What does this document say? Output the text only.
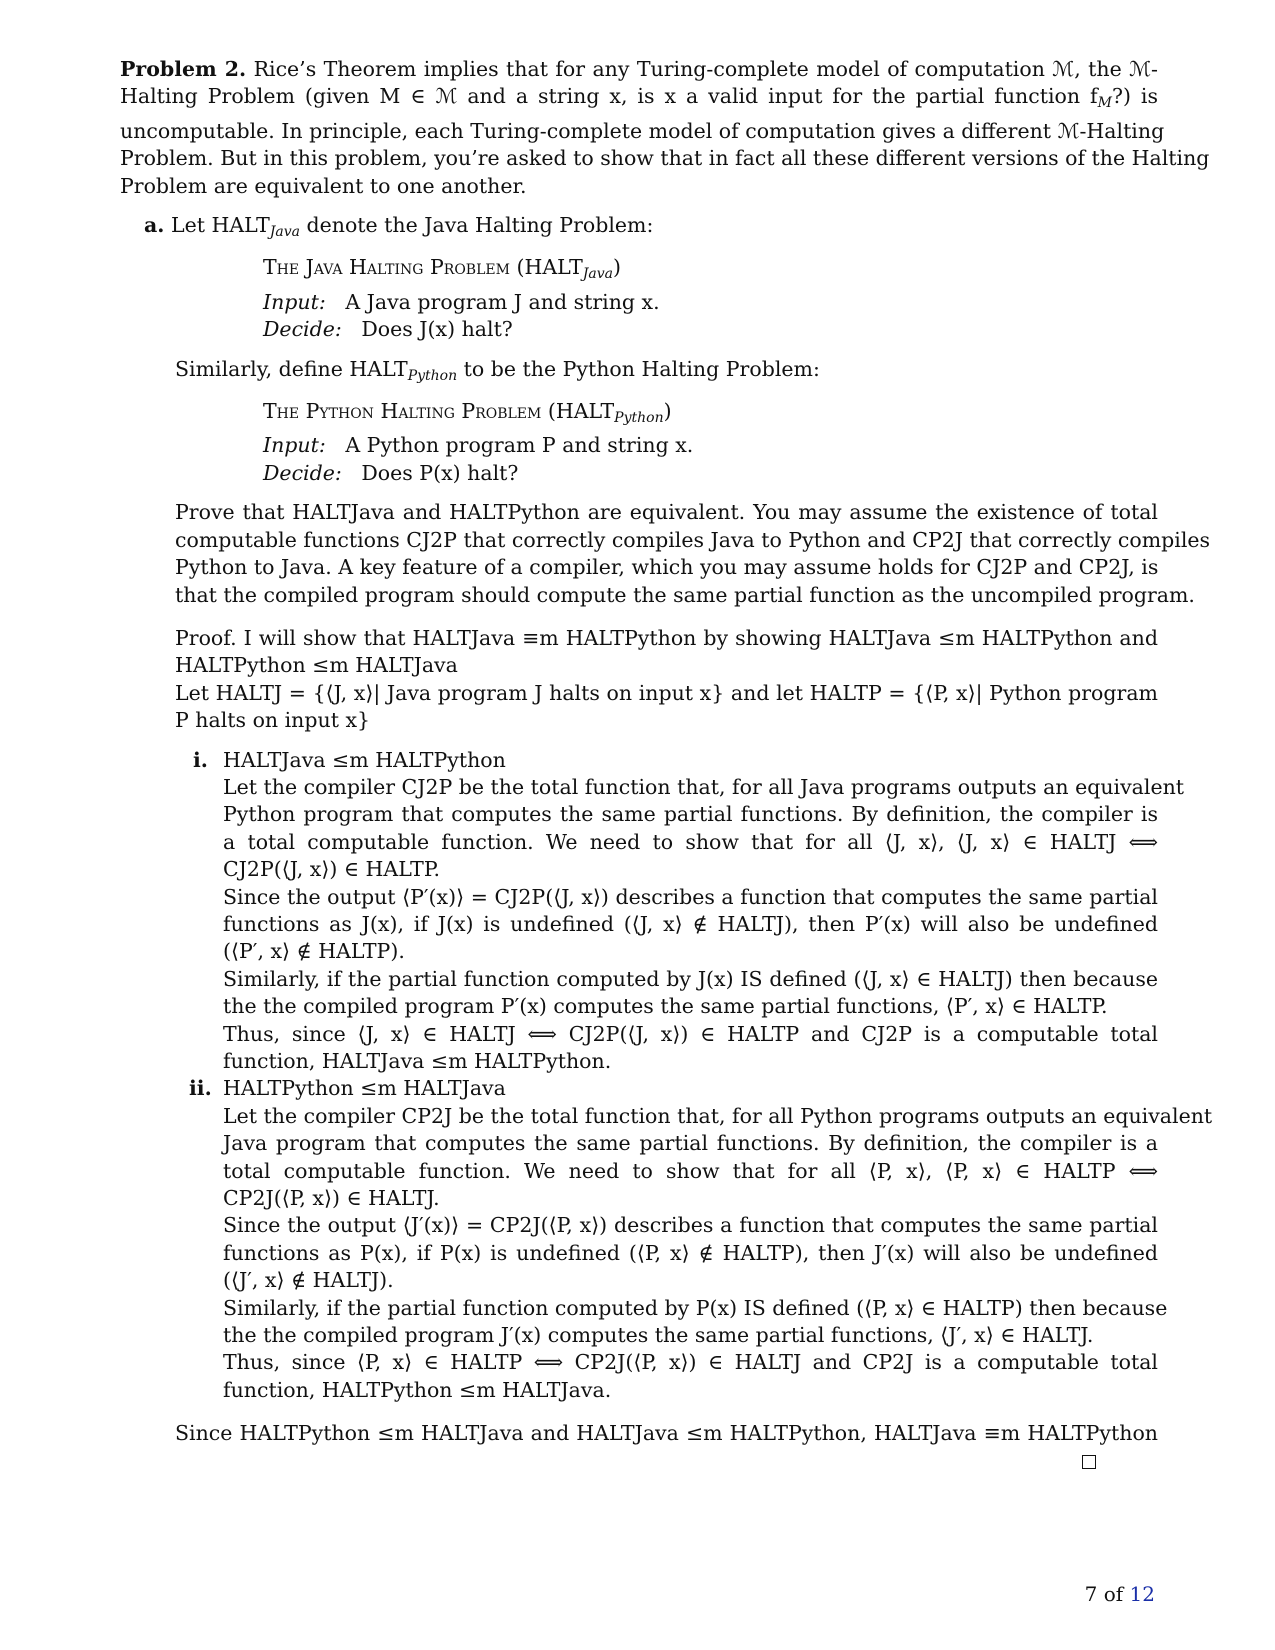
Problem 2. Rice’s Theorem implies that for any Turing-complete model of computation ℳ, the ℳ-
Halting Problem (given M ∈ ℳ and a string x, is x a valid input for the partial function $f_M$?) is
uncomputable. In principle, each Turing-complete model of computation gives a different ℳ-Halting
Problem. But in this problem, you’re asked to show that in fact all these different versions of the Halting
Problem are equivalent to one another.
a. Let $HALT_{Java}$ denote the Java Halting Problem:
The Java Halting Problem $(HALT_{Java})$
Input: A Java program J and string x.
Decide: Does J(x) halt?
Similarly, define $HALT_{Python}$ to be the Python Halting Problem:
The Python Halting Problem $(HALT_{Python})$
Input: A Python program P and string x.
Decide: Does P(x) halt?
Prove that HALTJava and HALTPython are equivalent. You may assume the existence of total
computable functions CJ2P that correctly compiles Java to Python and CP2J that correctly compiles
Python to Java. A key feature of a compiler, which you may assume holds for CJ2P and CP2J, is
that the compiled program should compute the same partial function as the uncompiled program.
Proof. I will show that HALTJava ≡m HALTPython by showing HALTJava ≤m HALTPython and
HALTPython ≤m HALTJava
Let HALTJ = {⟨J, x⟩| Java program J halts on input x} and let HALTP = {⟨P, x⟩| Python program
P halts on input x}
i. HALTJava ≤m HALTPython
Let the compiler CJ2P be the total function that, for all Java programs outputs an equivalent
Python program that computes the same partial functions. By definition, the compiler is
a total computable function. We need to show that for all ⟨J, x⟩, ⟨J, x⟩ ∈ HALTJ ⟺
CJ2P(⟨J, x⟩) ∈ HALTP.
Since the output ⟨P′(x)⟩ = CJ2P(⟨J, x⟩) describes a function that computes the same partial
functions as J(x), if J(x) is undefined (⟨J, x⟩ ∉ HALTJ), then P′(x) will also be undefined
(⟨P′, x⟩ ∉ HALTP).
Similarly, if the partial function computed by J(x) IS defined (⟨J, x⟩ ∈ HALTJ) then because
the the compiled program P′(x) computes the same partial functions, ⟨P′, x⟩ ∈ HALTP.
Thus, since ⟨J, x⟩ ∈ HALTJ ⟺ CJ2P(⟨J, x⟩) ∈ HALTP and CJ2P is a computable total
function, HALTJava ≤m HALTPython.
ii. HALTPython ≤m HALTJava
Let the compiler CP2J be the total function that, for all Python programs outputs an equivalent
Java program that computes the same partial functions. By definition, the compiler is a
total computable function. We need to show that for all ⟨P, x⟩, ⟨P, x⟩ ∈ HALTP ⟺
CP2J(⟨P, x⟩) ∈ HALTJ.
Since the output ⟨J′(x)⟩ = CP2J(⟨P, x⟩) describes a function that computes the same partial
functions as P(x), if P(x) is undefined (⟨P, x⟩ ∉ HALTP), then J′(x) will also be undefined
(⟨J′, x⟩ ∉ HALTJ).
Similarly, if the partial function computed by P(x) IS defined (⟨P, x⟩ ∈ HALTP) then because
the the compiled program J′(x) computes the same partial functions, ⟨J′, x⟩ ∈ HALTJ.
Thus, since ⟨P, x⟩ ∈ HALTP ⟺ CP2J(⟨P, x⟩) ∈ HALTJ and CP2J is a computable total
function, HALTPython ≤m HALTJava.
Since HALTPython ≤m HALTJava and HALTJava ≤m HALTPython, HALTJava ≡m HALTPython
7 of 12
